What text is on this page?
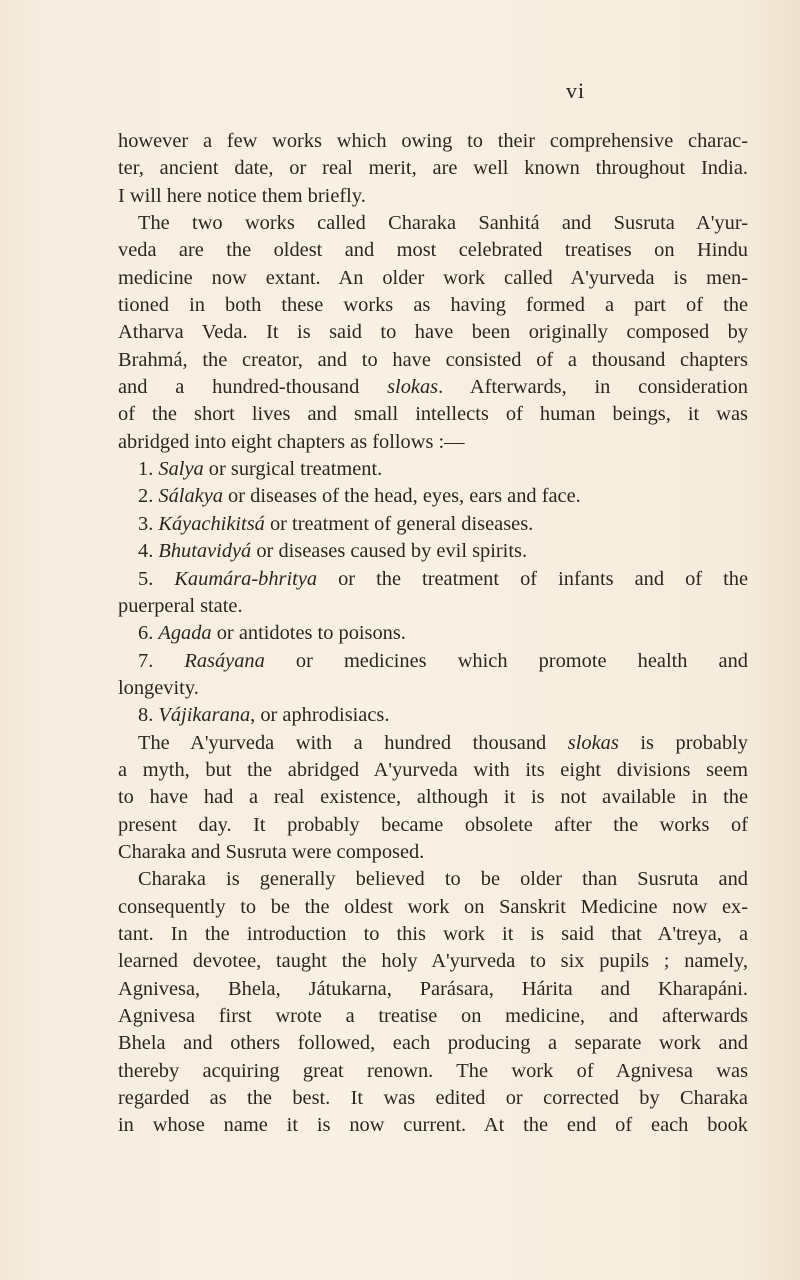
vi
however a few works which owing to their comprehensive charac-
ter, ancient date, or real merit, are well known throughout India.
I will here notice them briefly.
The two works called Charaka Sanhitá and Susruta A'yur-
veda are the oldest and most celebrated treatises on Hindu
medicine now extant. An older work called A'yurveda is men-
tioned in both these works as having formed a part of the
Atharva Veda. It is said to have been originally composed by
Brahmá, the creator, and to have consisted of a thousand chapters
and a hundred-thousand slokas. Afterwards, in consideration
of the short lives and small intellects of human beings, it was
abridged into eight chapters as follows :—
1. Salya or surgical treatment.
2. Sálakya or diseases of the head, eyes, ears and face.
3. Káyachikitsá or treatment of general diseases.
4. Bhutavidyá or diseases caused by evil spirits.
5. Kaumára-bhritya or the treatment of infants and of the
puerperal state.
6. Agada or antidotes to poisons.
7. Rasáyana or medicines which promote health and
longevity.
8. Vájikarana, or aphrodisiacs.
The A'yurveda with a hundred thousand slokas is probably
a myth, but the abridged A'yurveda with its eight divisions seem
to have had a real existence, although it is not available in the
present day. It probably became obsolete after the works of
Charaka and Susruta were composed.
Charaka is generally believed to be older than Susruta and
consequently to be the oldest work on Sanskrit Medicine now ex-
tant. In the introduction to this work it is said that A'treya, a
learned devotee, taught the holy A'yurveda to six pupils ; namely,
Agnivesa, Bhela, Játukarna, Parásara, Hárita and Kharapáni.
Agnivesa first wrote a treatise on medicine, and afterwards
Bhela and others followed, each producing a separate work and
thereby acquiring great renown. The work of Agnivesa was
regarded as the best. It was edited or corrected by Charaka
in whose name it is now current. At the end of each book
